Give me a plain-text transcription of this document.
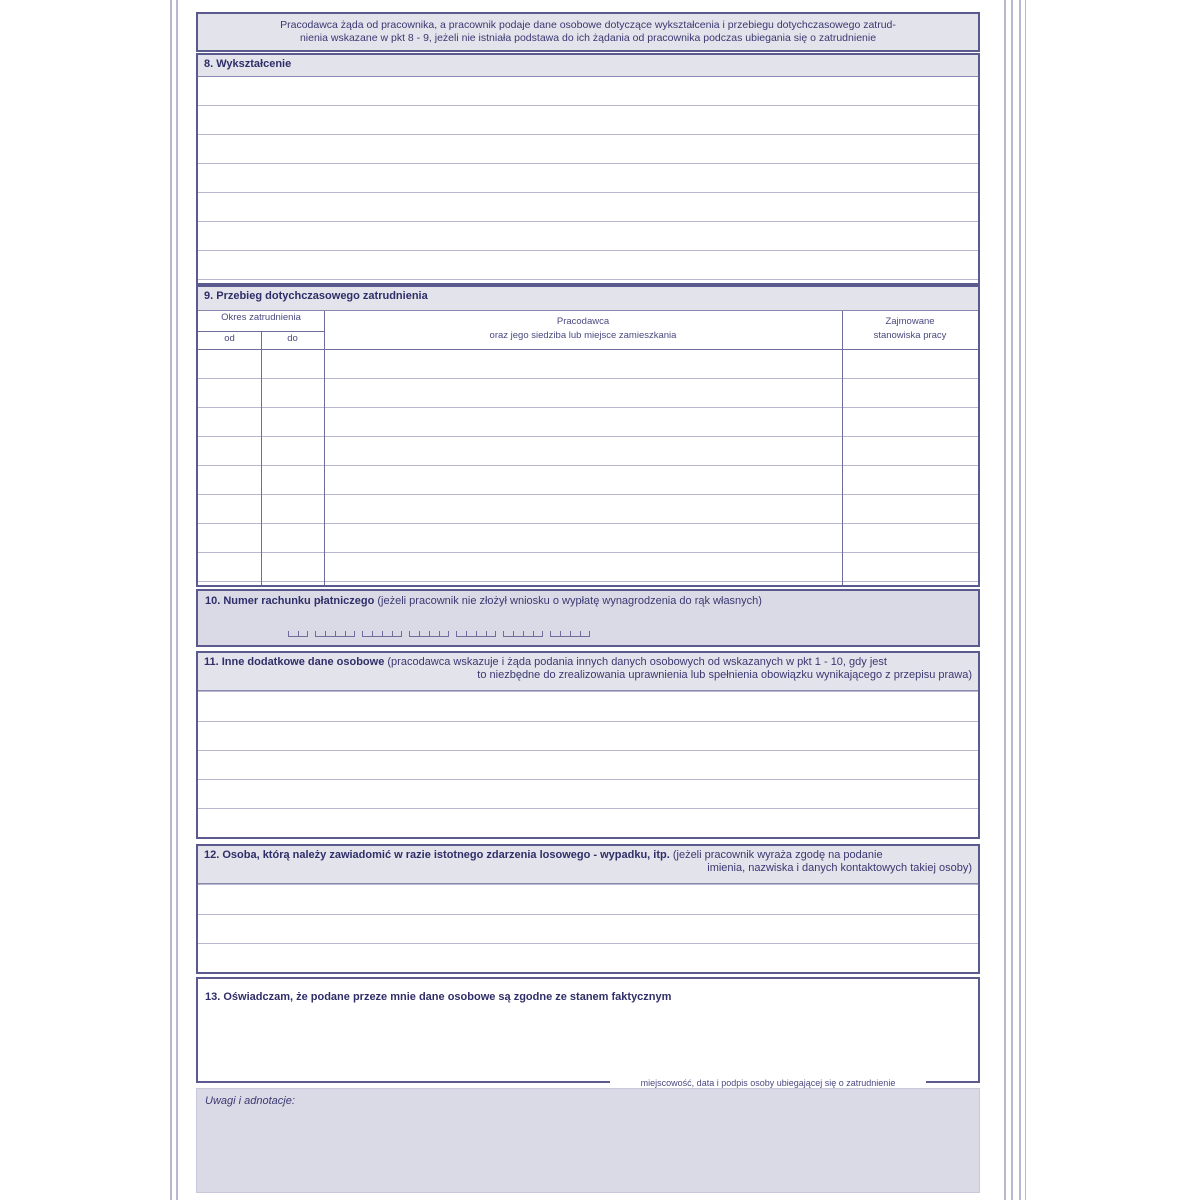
Pracodawca żąda od pracownika, a pracownik podaje dane osobowe dotyczące wykształcenia i przebiegu dotychczasowego zatrud-
nienia wskazane w pkt 8 - 9, jeżeli nie istniała podstawa do ich żądania od pracownika podczas ubiegania się o zatrudnienie
8. Wykształcenie
9. Przebieg dotychczasowego zatrudnienia
Okres zatrudnienia
od	do
Pracodawca
oraz jego siedziba lub miejsce zamieszkania
Zajmowane
stanowiska pracy
10. Numer rachunku płatniczego (jeżeli pracownik nie złożył wniosku o wypłatę wynagrodzenia do rąk własnych)
11. Inne dodatkowe dane osobowe (pracodawca wskazuje i żąda podania innych danych osobowych od wskazanych w pkt 1 - 10, gdy jest
to niezbędne do zrealizowania uprawnienia lub spełnienia obowiązku wynikającego z przepisu prawa)
12. Osoba, którą należy zawiadomić w razie istotnego zdarzenia losowego - wypadku, itp. (jeżeli pracownik wyraża zgodę na podanie
imienia, nazwiska i danych kontaktowych takiej osoby)
13. Oświadczam, że podane przeze mnie dane osobowe są zgodne ze stanem faktycznym
miejscowość, data i podpis osoby ubiegającej się o zatrudnienie
Uwagi i adnotacje:
